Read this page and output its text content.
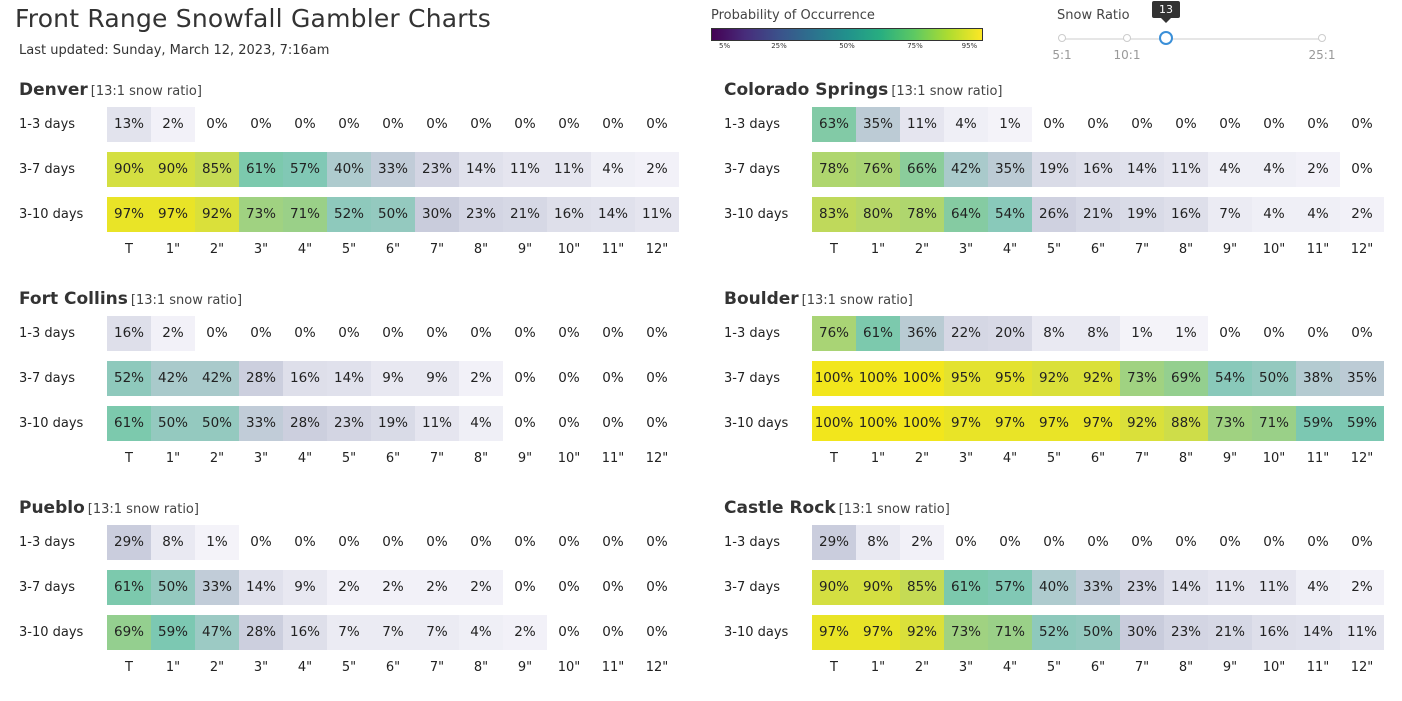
Front Range Snowfall Gambler Charts
Last updated: Sunday, March 12, 2023, 7:16am
Probability of Occurrence
5%	25%	50%	75%	95%
Snow Ratio	13
5:1	10:1	25:1
Denver [13:1 snow ratio]
1-3 days	13%	2%	0%	0%	0%	0%	0%	0%	0%	0%	0%	0%	0%
3-7 days	90%	90%	85%	61%	57%	40%	33%	23%	14%	11%	11%	4%	2%
3-10 days	97%	97%	92%	73%	71%	52%	50%	30%	23%	21%	16%	14%	11%
T	1"	2"	3"	4"	5"	6"	7"	8"	9"	10"	11"	12"
Colorado Springs [13:1 snow ratio]
1-3 days	63%	35%	11%	4%	1%	0%	0%	0%	0%	0%	0%	0%	0%
3-7 days	78%	76%	66%	42%	35%	19%	16%	14%	11%	4%	4%	2%	0%
3-10 days	83%	80%	78%	64%	54%	26%	21%	19%	16%	7%	4%	4%	2%
T	1"	2"	3"	4"	5"	6"	7"	8"	9"	10"	11"	12"
Fort Collins [13:1 snow ratio]
1-3 days	16%	2%	0%	0%	0%	0%	0%	0%	0%	0%	0%	0%	0%
3-7 days	52%	42%	42%	28%	16%	14%	9%	9%	2%	0%	0%	0%	0%
3-10 days	61%	50%	50%	33%	28%	23%	19%	11%	4%	0%	0%	0%	0%
T	1"	2"	3"	4"	5"	6"	7"	8"	9"	10"	11"	12"
Boulder [13:1 snow ratio]
1-3 days	76%	61%	36%	22%	20%	8%	8%	1%	1%	0%	0%	0%	0%
3-7 days	100% 100% 100% 95%	95%	92%	92%	73%	69%	54%	50%	38%	35%
3-10 days 100% 100% 100% 97%	97%	97%	97%	92%	88%	73%	71%	59%	59%
T	1"	2"	3"	4"	5"	6"	7"	8"	9"	10"	11"	12"
Pueblo [13:1 snow ratio]
1-3 days	29%	8%	1%	0%	0%	0%	0%	0%	0%	0%	0%	0%	0%
3-7 days	61%	50%	33%	14%	9%	2%	2%	2%	2%	0%	0%	0%	0%
3-10 days	69%	59%	47%	28%	16%	7%	7%	7%	4%	2%	0%	0%	0%
T	1"	2"	3"	4"	5"	6"	7"	8"	9"	10"	11"	12"
Castle Rock [13:1 snow ratio]
1-3 days	29%	8%	2%	0%	0%	0%	0%	0%	0%	0%	0%	0%	0%
3-7 days	90%	90%	85%	61%	57%	40%	33%	23%	14%	11%	11%	4%	2%
3-10 days	97%	97%	92%	73%	71%	52%	50%	30%	23%	21%	16%	14%	11%
T	1"	2"	3"	4"	5"	6"	7"	8"	9"	10"	11"	12"
